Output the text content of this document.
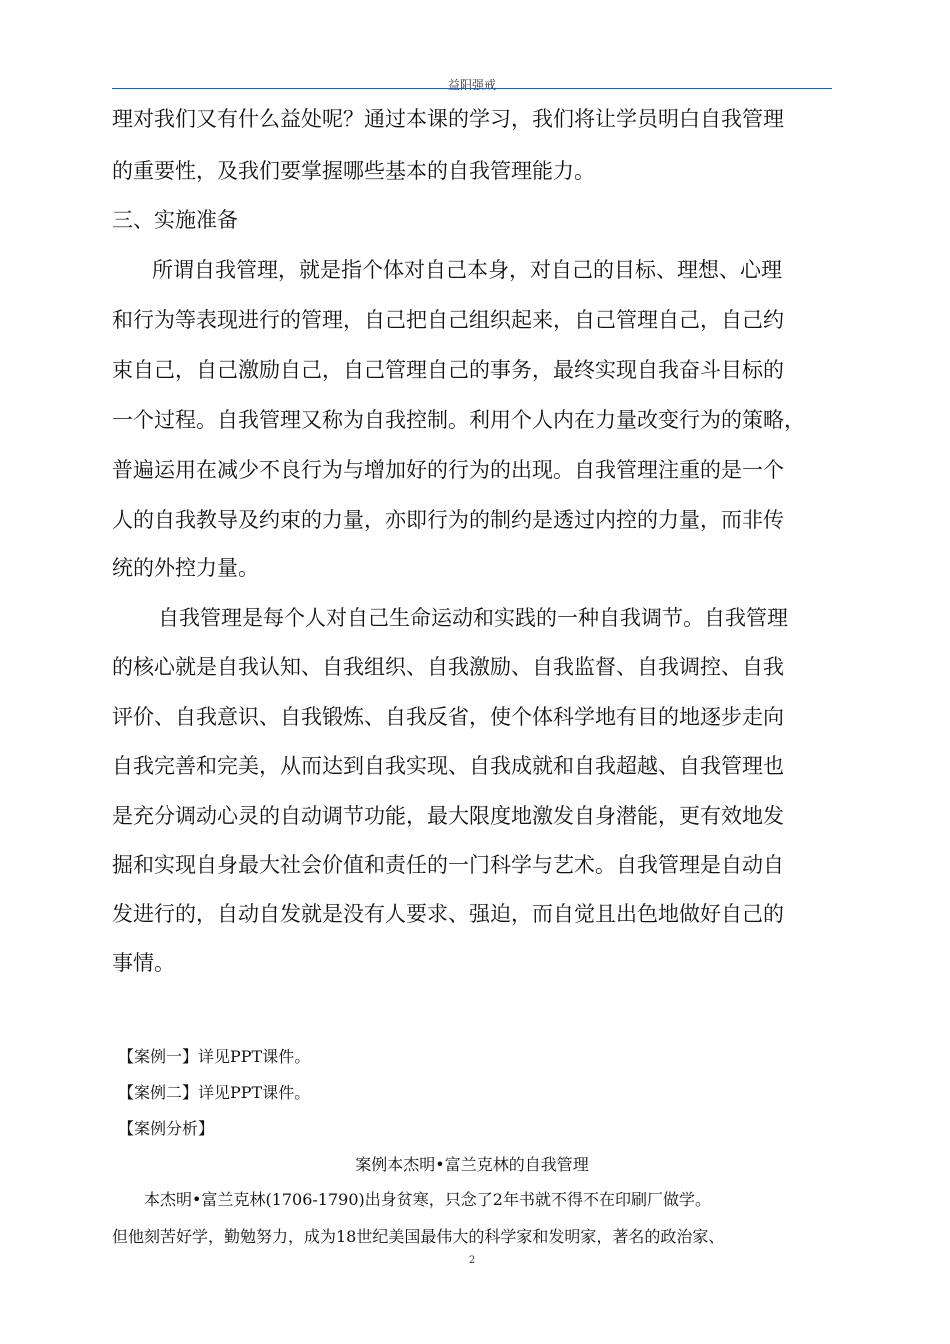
益阳强戒
理对我们又有什么益处呢？通过本课的学习，我们将让学员明白自我管理
的重要性，及我们要掌握哪些基本的自我管理能力。
三、实施准备
所谓自我管理，就是指个体对自己本身，对自己的目标、理想、心理
和行为等表现进行的管理，自己把自己组织起来，自己管理自己，自己约
束自己，自己激励自己，自己管理自己的事务，最终实现自我奋斗目标的
一个过程。自我管理又称为自我控制。利用个人内在力量改变行为的策略，
普遍运用在减少不良行为与增加好的行为的出现。自我管理注重的是一个
人的自我教导及约束的力量，亦即行为的制约是透过内控的力量，而非传
统的外控力量。
自我管理是每个人对自己生命运动和实践的一种自我调节。自我管理
的核心就是自我认知、自我组织、自我激励、自我监督、自我调控、自我
评价、自我意识、自我锻炼、自我反省，使个体科学地有目的地逐步走向
自我完善和完美，从而达到自我实现、自我成就和自我超越、自我管理也
是充分调动心灵的自动调节功能，最大限度地激发自身潜能，更有效地发
掘和实现自身最大社会价值和责任的一门科学与艺术。自我管理是自动自
发进行的，自动自发就是没有人要求、强迫，而自觉且出色地做好自己的
事情。
【案例一】详见PPT课件。
【案例二】详见PPT课件。
【案例分析】
案例本杰明•富兰克林的自我管理
本杰明•富兰克林(1706-1790)出身贫寒，只念了2年书就不得不在印刷厂做学。
但他刻苦好学，勤勉努力，成为18世纪美国最伟大的科学家和发明家，著名的政治家、
2
